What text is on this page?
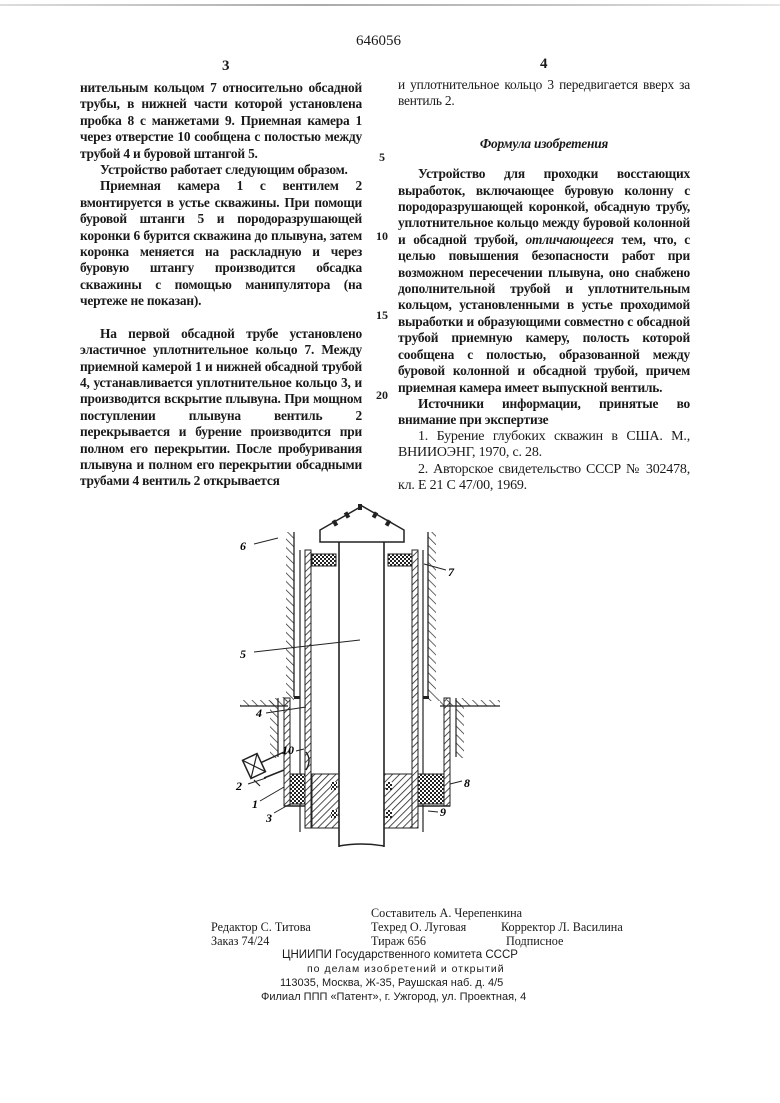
646056
3	4

нительным кольцом 7 относительно обсадной трубы, в нижней части которой установлена пробка 8 с манжетами 9. Приемная камера 1 через отверстие 10 сообщена с полостью между трубой 4 и буровой штангой 5.

Устройство работает следующим образом.

Приемная камера 1 с вентилем 2 вмонтируется в устье скважины. При помощи буровой штанги 5 и породоразрушающей коронки 6 бурится скважина до плывуна, затем коронка меняется на раскладную и через буровую штангу производится обсадка скважины с помощью манипулятора (на чертеже не показан).

На первой обсадной трубе установлено эластичное уплотнительное кольцо 7. Между приемной камерой 1 и нижней обсадной трубой 4, устанавливается уплотнительное кольцо 3, и производится вскрытие плывуна. При мощном поступлении плывуна вентиль 2 перекрывается и бурение производится при полном его перекрытии. После пробуривания плывуна и полном его перекрытии обсадными трубами 4 вентиль 2 открывается

5
10
15
20

и уплотнительное кольцо 3 передвигается вверх за вентиль 2.

Формула изобретения

Устройство для проходки восстающих выработок, включающее буровую колонну с породоразрушающей коронкой, обсадную трубу, уплотнительное кольцо между буровой колонной и обсадной трубой, отличающееся тем, что, с целью повышения безопасности работ при возможном пересечении плывуна, оно снабжено дополнительной трубой и уплотнительным кольцом, установленными в устье проходимой выработки и образующими совместно с обсадной трубой приемную камеру, полость которой сообщена с полостью, образованной между буровой колонной и обсадной трубой, причем приемная камера имеет выпускной вентиль.

Источники информации, принятые во внимание при экспертизе

1. Бурение глубоких скважин в США. М., ВНИИОЭНГ, 1970, с. 28.

2. Авторское свидетельство СССР № 302478, кл. Е 21 С 47/00, 1969.

6
7
5
4
10
2
1
3
8
9
Составитель А. Черепенкина
Редактор С. Титова	Техред О. Луговая	Корректор Л. Василина
Заказ 74/24	Тираж 656	Подписное
ЦНИИПИ Государственного комитета СССР
по делам изобретений и открытий
113035, Москва, Ж-35, Раушская наб. д. 4/5
Филиал ППП «Патент», г. Ужгород, ул. Проектная, 4
